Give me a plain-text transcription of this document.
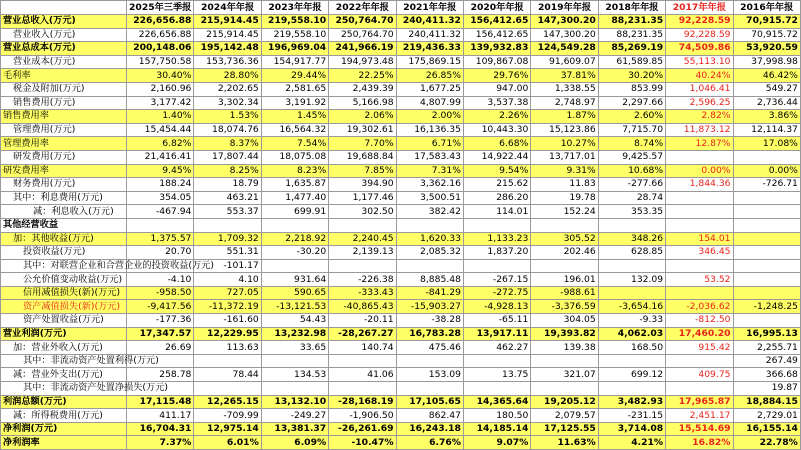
	2025年三季报	2024年年报	2023年年报	2022年年报	2021年年报	2020年年报	2019年年报	2018年年报	2017年年报	2016年年报
营业总收入(万元)	226,656.88	215,914.45	219,558.10	250,764.70	240,411.32	156,412.65	147,300.20	88,231.35	92,228.59	70,915.72
营业收入(万元)	226,656.88	215,914.45	219,558.10	250,764.70	240,411.32	156,412.65	147,300.20	88,231.35	92,228.59	70,915.72
营业总成本(万元)	200,148.06	195,142.48	196,969.04	241,966.19	219,436.33	139,932.83	124,549.28	85,269.19	74,509.86	53,920.59
营业成本(万元)	157,750.58	153,736.36	154,917.77	194,973.48	175,869.15	109,867.08	91,609.07	61,589.85	55,113.10	37,998.98
毛利率	30.40%	28.80%	29.44%	22.25%	26.85%	29.76%	37.81%	30.20%	40.24%	46.42%
税金及附加(万元)	2,160.96	2,202.65	2,581.65	2,439.39	1,677.25	947.00	1,338.55	853.99	1,046.41	549.27
销售费用(万元)	3,177.42	3,302.34	3,191.92	5,166.98	4,807.99	3,537.38	2,748.97	2,297.66	2,596.25	2,736.44
销售费用率	1.40%	1.53%	1.45%	2.06%	2.00%	2.26%	1.87%	2.60%	2.82%	3.86%
管理费用(万元)	15,454.44	18,074.76	16,564.32	19,302.61	16,136.35	10,443.30	15,123.86	7,715.70	11,873.12	12,114.37
管理费用率	6.82%	8.37%	7.54%	7.70%	6.71%	6.68%	10.27%	8.74%	12.87%	17.08%
研发费用(万元)	21,416.41	17,807.44	18,075.08	19,688.84	17,583.43	14,922.44	13,717.01	9,425.57		
研发费用率	9.45%	8.25%	8.23%	7.85%	7.31%	9.54%	9.31%	10.68%	0.00%	0.00%
财务费用(万元)	188.24	18.79	1,635.87	394.90	3,362.16	215.62	11.83	-277.66	1,844.36	-726.71
其中：利息费用(万元)	354.05	463.21	1,477.40	1,177.46	3,500.51	286.20	19.78	28.74		
减：利息收入(万元)	-467.94	553.37	699.91	302.50	382.42	114.01	152.24	353.35		
其他经营收益										
加：其他收益(万元)	1,375.57	1,709.32	2,218.92	2,240.45	1,620.33	1,133.23	305.52	348.26	154.01	
投资收益(万元)	20.70	551.31	-30.20	2,139.13	2,085.32	1,837.20	202.46	628.85	346.45	
其中：对联营企业和合营企业的投资收益(万元)		-101.17								
公允价值变动收益(万元)	-4.10	4.10	931.64	-226.38	8,885.48	-267.15	196.01	132.09	53.52	
信用减值损失(新)(万元)	-958.50	727.05	590.65	-333.43	-841.29	-272.75	-988.61			
资产减值损失(新)(万元)	-9,417.56	-11,372.19	-13,121.53	-40,865.43	-15,903.27	-4,928.13	-3,376.59	-3,654.16	-2,036.62	-1,248.25
资产处置收益(万元)	-177.36	-161.60	54.43	-20.11	-38.28	-65.11	304.05	-9.33	-812.50	
营业利润(万元)	17,347.57	12,229.95	13,232.98	-28,267.27	16,783.28	13,917.11	19,393.82	4,062.03	17,460.20	16,995.13
加：营业外收入(万元)	26.69	113.63	33.65	140.74	475.46	462.27	139.38	168.50	915.42	2,255.71
其中：非流动资产处置利得(万元)										267.49
减：营业外支出(万元)	258.78	78.44	134.53	41.06	153.09	13.75	321.07	699.12	409.75	366.68
其中：非流动资产处置净损失(万元)										19.87
利润总额(万元)	17,115.48	12,265.15	13,132.10	-28,168.19	17,105.65	14,365.64	19,205.12	3,482.93	17,965.87	18,884.15
减：所得税费用(万元)	411.17	-709.99	-249.27	-1,906.50	862.47	180.50	2,079.57	-231.15	2,451.17	2,729.01
净利润(万元)	16,704.31	12,975.14	13,381.37	-26,261.69	16,243.18	14,185.14	17,125.55	3,714.08	15,514.69	16,155.14
净利润率	7.37%	6.01%	6.09%	-10.47%	6.76%	9.07%	11.63%	4.21%	16.82%	22.78%
